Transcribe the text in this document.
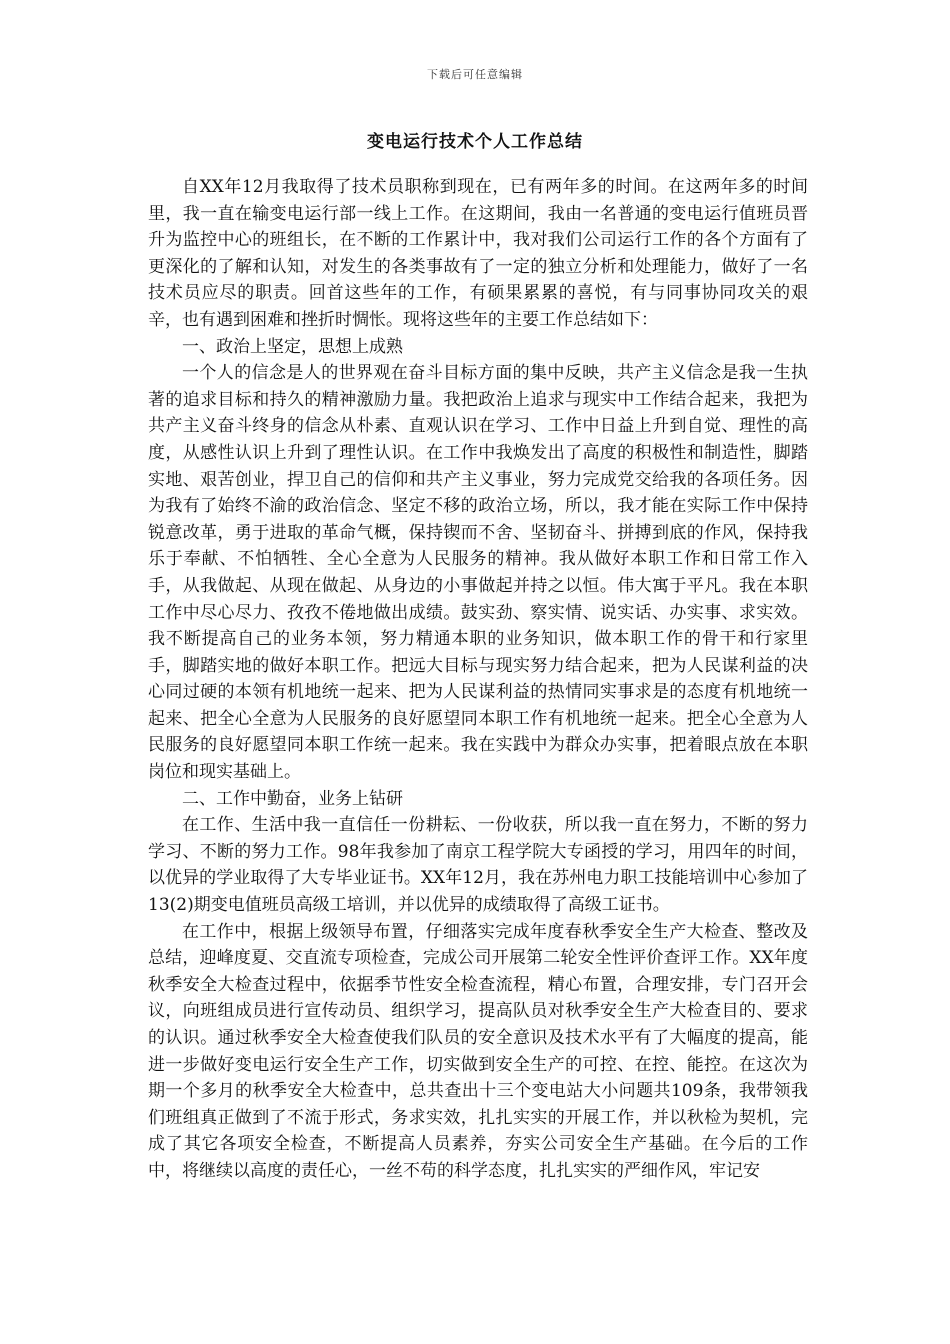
下载后可任意编辑
变电运行技术个人工作总结

自XX年12月我取得了技术员职称到现在，已有两年多的时间。在这两年多的时间里，我一直在输变电运行部一线上工作。在这期间，我由一名普通的变电运行值班员晋升为监控中心的班组长，在不断的工作累计中，我对我们公司运行工作的各个方面有了更深化的了解和认知，对发生的各类事故有了一定的独立分析和处理能力，做好了一名技术员应尽的职责。回首这些年的工作，有硕果累累的喜悦，有与同事协同攻关的艰辛，也有遇到困难和挫折时惆怅。现将这些年的主要工作总结如下：

一、政治上坚定，思想上成熟

一个人的信念是人的世界观在奋斗目标方面的集中反映，共产主义信念是我一生执著的追求目标和持久的精神激励力量。我把政治上追求与现实中工作结合起来，我把为共产主义奋斗终身的信念从朴素、直观认识在学习、工作中日益上升到自觉、理性的高度，从感性认识上升到了理性认识。在工作中我焕发出了高度的积极性和制造性，脚踏实地、艰苦创业，捍卫自己的信仰和共产主义事业，努力完成党交给我的各项任务。因为我有了始终不渝的政治信念、坚定不移的政治立场，所以，我才能在实际工作中保持锐意改革，勇于进取的革命气概，保持锲而不舍、坚韧奋斗、拼搏到底的作风，保持我乐于奉献、不怕牺牲、全心全意为人民服务的精神。我从做好本职工作和日常工作入手，从我做起、从现在做起、从身边的小事做起并持之以恒。伟大寓于平凡。我在本职工作中尽心尽力、孜孜不倦地做出成绩。鼓实劲、察实情、说实话、办实事、求实效。我不断提高自己的业务本领，努力精通本职的业务知识，做本职工作的骨干和行家里手，脚踏实地的做好本职工作。把远大目标与现实努力结合起来，把为人民谋利益的决心同过硬的本领有机地统一起来、把为人民谋利益的热情同实事求是的态度有机地统一起来、把全心全意为人民服务的良好愿望同本职工作有机地统一起来。把全心全意为人民服务的良好愿望同本职工作统一起来。我在实践中为群众办实事，把着眼点放在本职岗位和现实基础上。

二、工作中勤奋，业务上钻研

在工作、生活中我一直信任一份耕耘、一份收获，所以我一直在努力，不断的努力学习、不断的努力工作。98年我参加了南京工程学院大专函授的学习，用四年的时间，以优异的学业取得了大专毕业证书。XX年12月，我在苏州电力职工技能培训中心参加了13(2)期变电值班员高级工培训，并以优异的成绩取得了高级工证书。

在工作中，根据上级领导布置，仔细落实完成年度春秋季安全生产大检查、整改及总结，迎峰度夏、交直流专项检查，完成公司开展第二轮安全性评价查评工作。XX年度秋季安全大检查过程中，依据季节性安全检查流程，精心布置，合理安排，专门召开会议，向班组成员进行宣传动员、组织学习，提高队员对秋季安全生产大检查目的、要求的认识。通过秋季安全大检查使我们队员的安全意识及技术水平有了大幅度的提高，能进一步做好变电运行安全生产工作，切实做到安全生产的可控、在控、能控。在这次为期一个多月的秋季安全大检查中，总共查出十三个变电站大小问题共109条，我带领我们班组真正做到了不流于形式，务求实效，扎扎实实的开展工作，并以秋检为契机，完成了其它各项安全检查，不断提高人员素养，夯实公司安全生产基础。在今后的工作中，将继续以高度的责任心，一丝不苟的科学态度，扎扎实实的严细作风，牢记安
